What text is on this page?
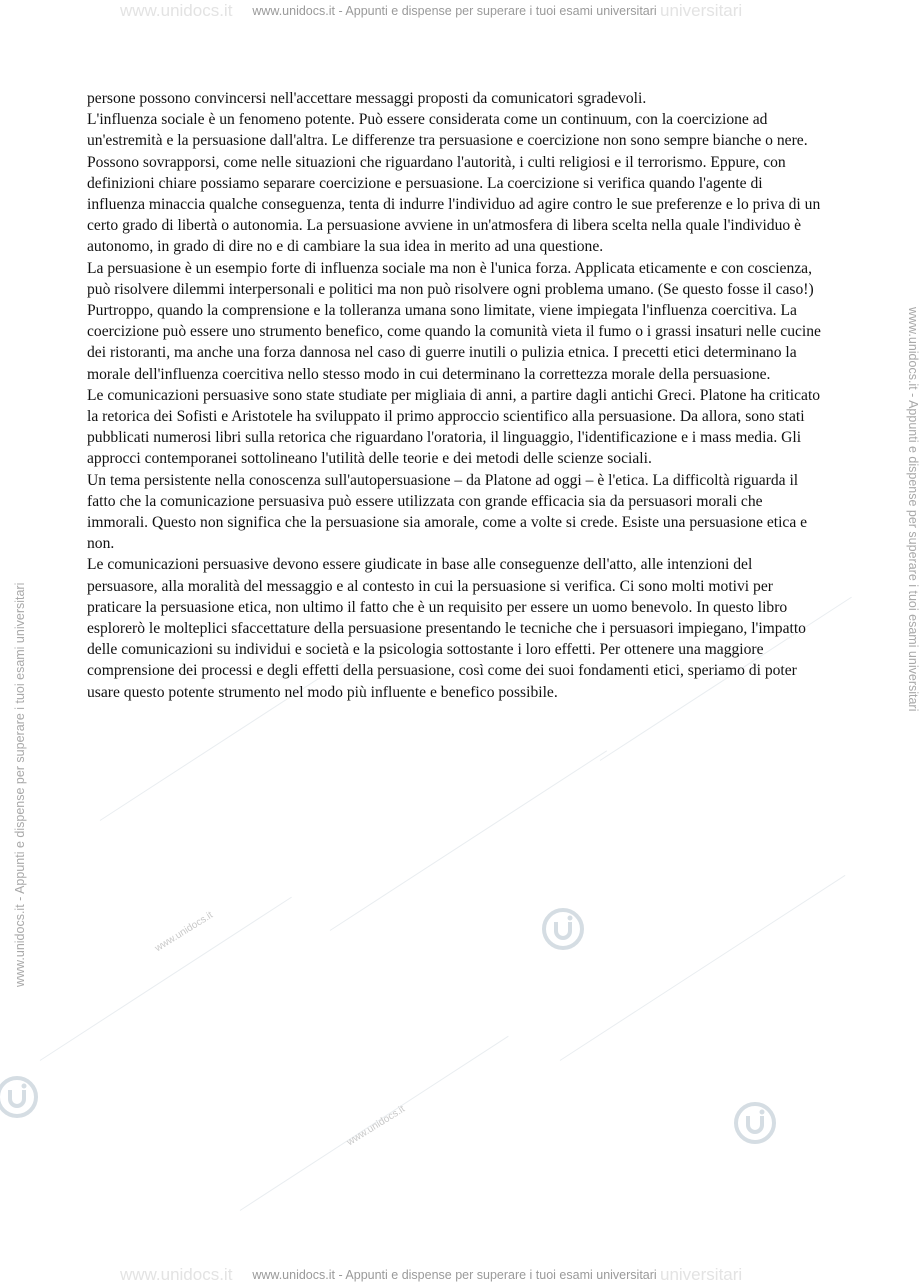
www.unidocs.it
www.unidocs.it
www.unidocs.it www.unidocs.it - Appunti e dispense per superare i tuoi esami universitari universitari
www.unidocs.it www.unidocs.it - Appunti e dispense per superare i tuoi esami universitari universitari
www.unidocs.it - Appunti e dispense per superare i tuoi esami universitari
www.unidocs.it - Appunti e dispense per superare i tuoi esami universitari

persone possono convincersi nell'accettare messaggi proposti da comunicatori sgradevoli.

L'influenza sociale è un fenomeno potente. Può essere considerata come un continuum, con la coercizione ad un'estremità e la persuasione dall'altra. Le differenze tra persuasione e coercizione non sono sempre bianche o nere. Possono sovrapporsi, come nelle situazioni che riguardano l'autorità, i culti religiosi e il terrorismo. Eppure, con definizioni chiare possiamo separare coercizione e persuasione. La coercizione si verifica quando l'agente di influenza minaccia qualche conseguenza, tenta di indurre l'individuo ad agire contro le sue preferenze e lo priva di un certo grado di libertà o autonomia. La persuasione avviene in un'atmosfera di libera scelta nella quale l'individuo è autonomo, in grado di dire no e di cambiare la sua idea in merito ad una questione.

La persuasione è un esempio forte di influenza sociale ma non è l'unica forza. Applicata eticamente e con coscienza, può risolvere dilemmi interpersonali e politici ma non può risolvere ogni problema umano. (Se questo fosse il caso!) Purtroppo, quando la comprensione e la tolleranza umana sono limitate, viene impiegata l'influenza coercitiva. La coercizione può essere uno strumento benefico, come quando la comunità vieta il fumo o i grassi insaturi nelle cucine dei ristoranti, ma anche una forza dannosa nel caso di guerre inutili o pulizia etnica. I precetti etici determinano la morale dell'influenza coercitiva nello stesso modo in cui determinano la correttezza morale della persuasione.

Le comunicazioni persuasive sono state studiate per migliaia di anni, a partire dagli antichi Greci. Platone ha criticato la retorica dei Sofisti e Aristotele ha sviluppato il primo approccio scientifico alla persuasione. Da allora, sono stati pubblicati numerosi libri sulla retorica che riguardano l'oratoria, il linguaggio, l'identificazione e i mass media. Gli approcci contemporanei sottolineano l'utilità delle teorie e dei metodi delle scienze sociali.

Un tema persistente nella conoscenza sull'autopersuasione – da Platone ad oggi – è l'etica. La difficoltà riguarda il fatto che la comunicazione persuasiva può essere utilizzata con grande efficacia sia da persuasori morali che immorali. Questo non significa che la persuasione sia amorale, come a volte si crede. Esiste una persuasione etica e non.

Le comunicazioni persuasive devono essere giudicate in base alle conseguenze dell'atto, alle intenzioni del persuasore, alla moralità del messaggio e al contesto in cui la persuasione si verifica. Ci sono molti motivi per praticare la persuasione etica, non ultimo il fatto che è un requisito per essere un uomo benevolo. In questo libro esplorerò le molteplici sfaccettature della persuasione presentando le tecniche che i persuasori impiegano, l'impatto delle comunicazioni su individui e società e la psicologia sottostante i loro effetti. Per ottenere una maggiore comprensione dei processi e degli effetti della persuasione, così come dei suoi fondamenti etici, speriamo di poter usare questo potente strumento nel modo più influente e benefico possibile.
